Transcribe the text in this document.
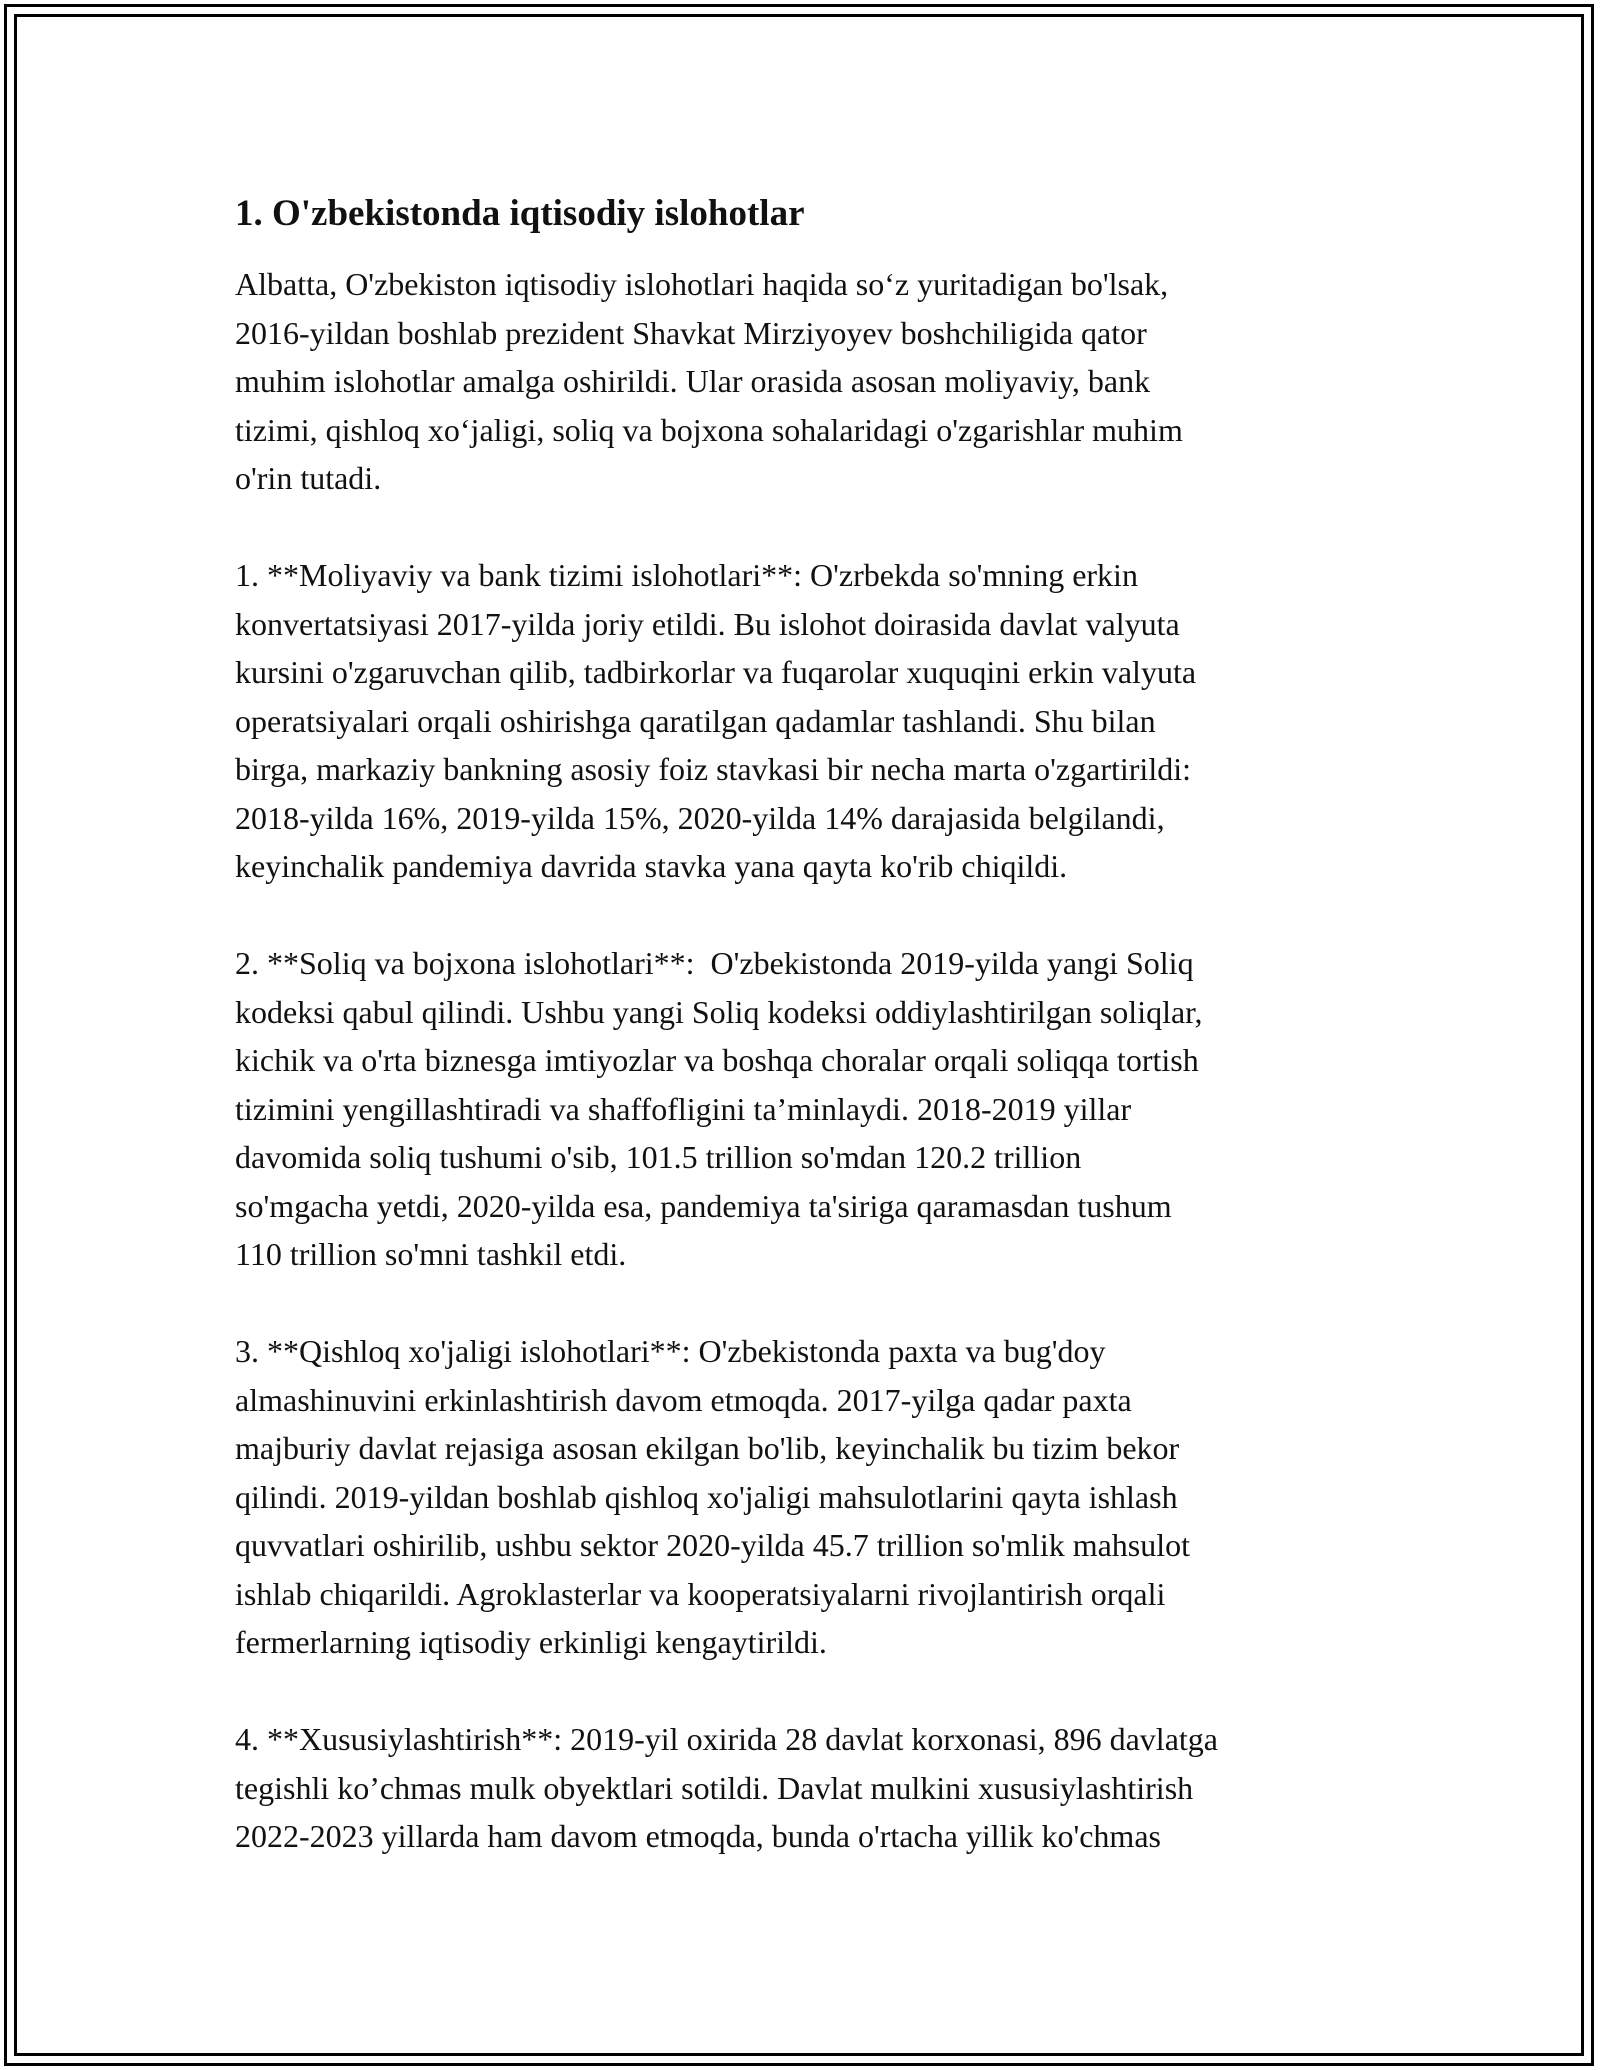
1. O'zbekistonda iqtisodiy islohotlar

Albatta, O'zbekiston iqtisodiy islohotlari haqida so‘z yuritadigan bo'lsak,
2016-yildan boshlab prezident Shavkat Mirziyoyev boshchiligida qator
muhim islohotlar amalga oshirildi. Ular orasida asosan moliyaviy, bank
tizimi, qishloq xo‘jaligi, soliq va bojxona sohalaridagi o'zgarishlar muhim
o'rin tutadi.

1. **Moliyaviy va bank tizimi islohotlari**: O'zrbekda so'mning erkin
konvertatsiyasi 2017-yilda joriy etildi. Bu islohot doirasida davlat valyuta
kursini o'zgaruvchan qilib, tadbirkorlar va fuqarolar xuquqini erkin valyuta
operatsiyalari orqali oshirishga qaratilgan qadamlar tashlandi. Shu bilan
birga, markaziy bankning asosiy foiz stavkasi bir necha marta o'zgartirildi:
2018-yilda 16%, 2019-yilda 15%, 2020-yilda 14% darajasida belgilandi,
keyinchalik pandemiya davrida stavka yana qayta ko'rib chiqildi.

2. **Soliq va bojxona islohotlari**:  O'zbekistonda 2019-yilda yangi Soliq
kodeksi qabul qilindi. Ushbu yangi Soliq kodeksi oddiylashtirilgan soliqlar,
kichik va o'rta biznesga imtiyozlar va boshqa choralar orqali soliqqa tortish
tizimini yengillashtiradi va shaffofligini ta’minlaydi. 2018-2019 yillar
davomida soliq tushumi o'sib, 101.5 trillion so'mdan 120.2 trillion
so'mgacha yetdi, 2020-yilda esa, pandemiya ta'siriga qaramasdan tushum
110 trillion so'mni tashkil etdi.

3. **Qishloq xo'jaligi islohotlari**: O'zbekistonda paxta va bug'doy
almashinuvini erkinlashtirish davom etmoqda. 2017-yilga qadar paxta
majburiy davlat rejasiga asosan ekilgan bo'lib, keyinchalik bu tizim bekor
qilindi. 2019-yildan boshlab qishloq xo'jaligi mahsulotlarini qayta ishlash
quvvatlari oshirilib, ushbu sektor 2020-yilda 45.7 trillion so'mlik mahsulot
ishlab chiqarildi. Agroklasterlar va kooperatsiyalarni rivojlantirish orqali
fermerlarning iqtisodiy erkinligi kengaytirildi.

4. **Xususiylashtirish**: 2019-yil oxirida 28 davlat korxonasi, 896 davlatga
tegishli ko’chmas mulk obyektlari sotildi. Davlat mulkini xususiylashtirish
2022-2023 yillarda ham davom etmoqda, bunda o'rtacha yillik ko'chmas
